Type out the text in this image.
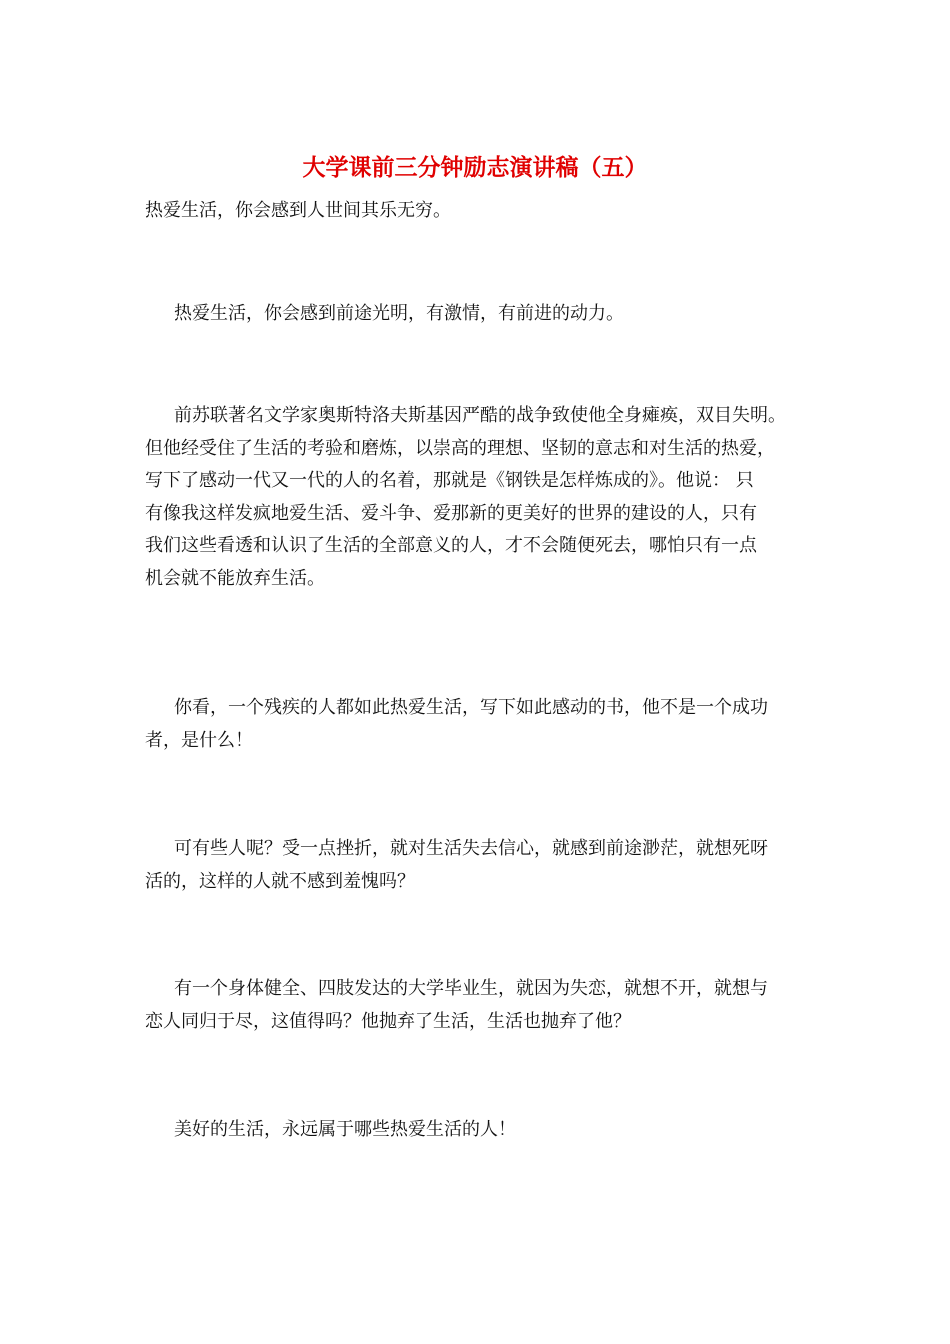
大学课前三分钟励志演讲稿（五）
热爱生活，你会感到人世间其乐无穷。
热爱生活，你会感到前途光明，有激情，有前进的动力。
前苏联著名文学家奥斯特洛夫斯基因严酷的战争致使他全身瘫痪，双目失明。
但他经受住了生活的考验和磨炼，以崇高的理想、坚韧的意志和对生活的热爱，
写下了感动一代又一代的人的名着，那就是《钢铁是怎样炼成的》。他说： 只
有像我这样发疯地爱生活、爱斗争、爱那新的更美好的世界的建设的人，只有
我们这些看透和认识了生活的全部意义的人，才不会随便死去，哪怕只有一点
机会就不能放弃生活。
你看，一个残疾的人都如此热爱生活，写下如此感动的书，他不是一个成功
者，是什么！
可有些人呢？受一点挫折，就对生活失去信心，就感到前途渺茫，就想死呀
活的，这样的人就不感到羞愧吗？
有一个身体健全、四肢发达的大学毕业生，就因为失恋，就想不开，就想与
恋人同归于尽，这值得吗？他抛弃了生活，生活也抛弃了他？
美好的生活，永远属于哪些热爱生活的人！
